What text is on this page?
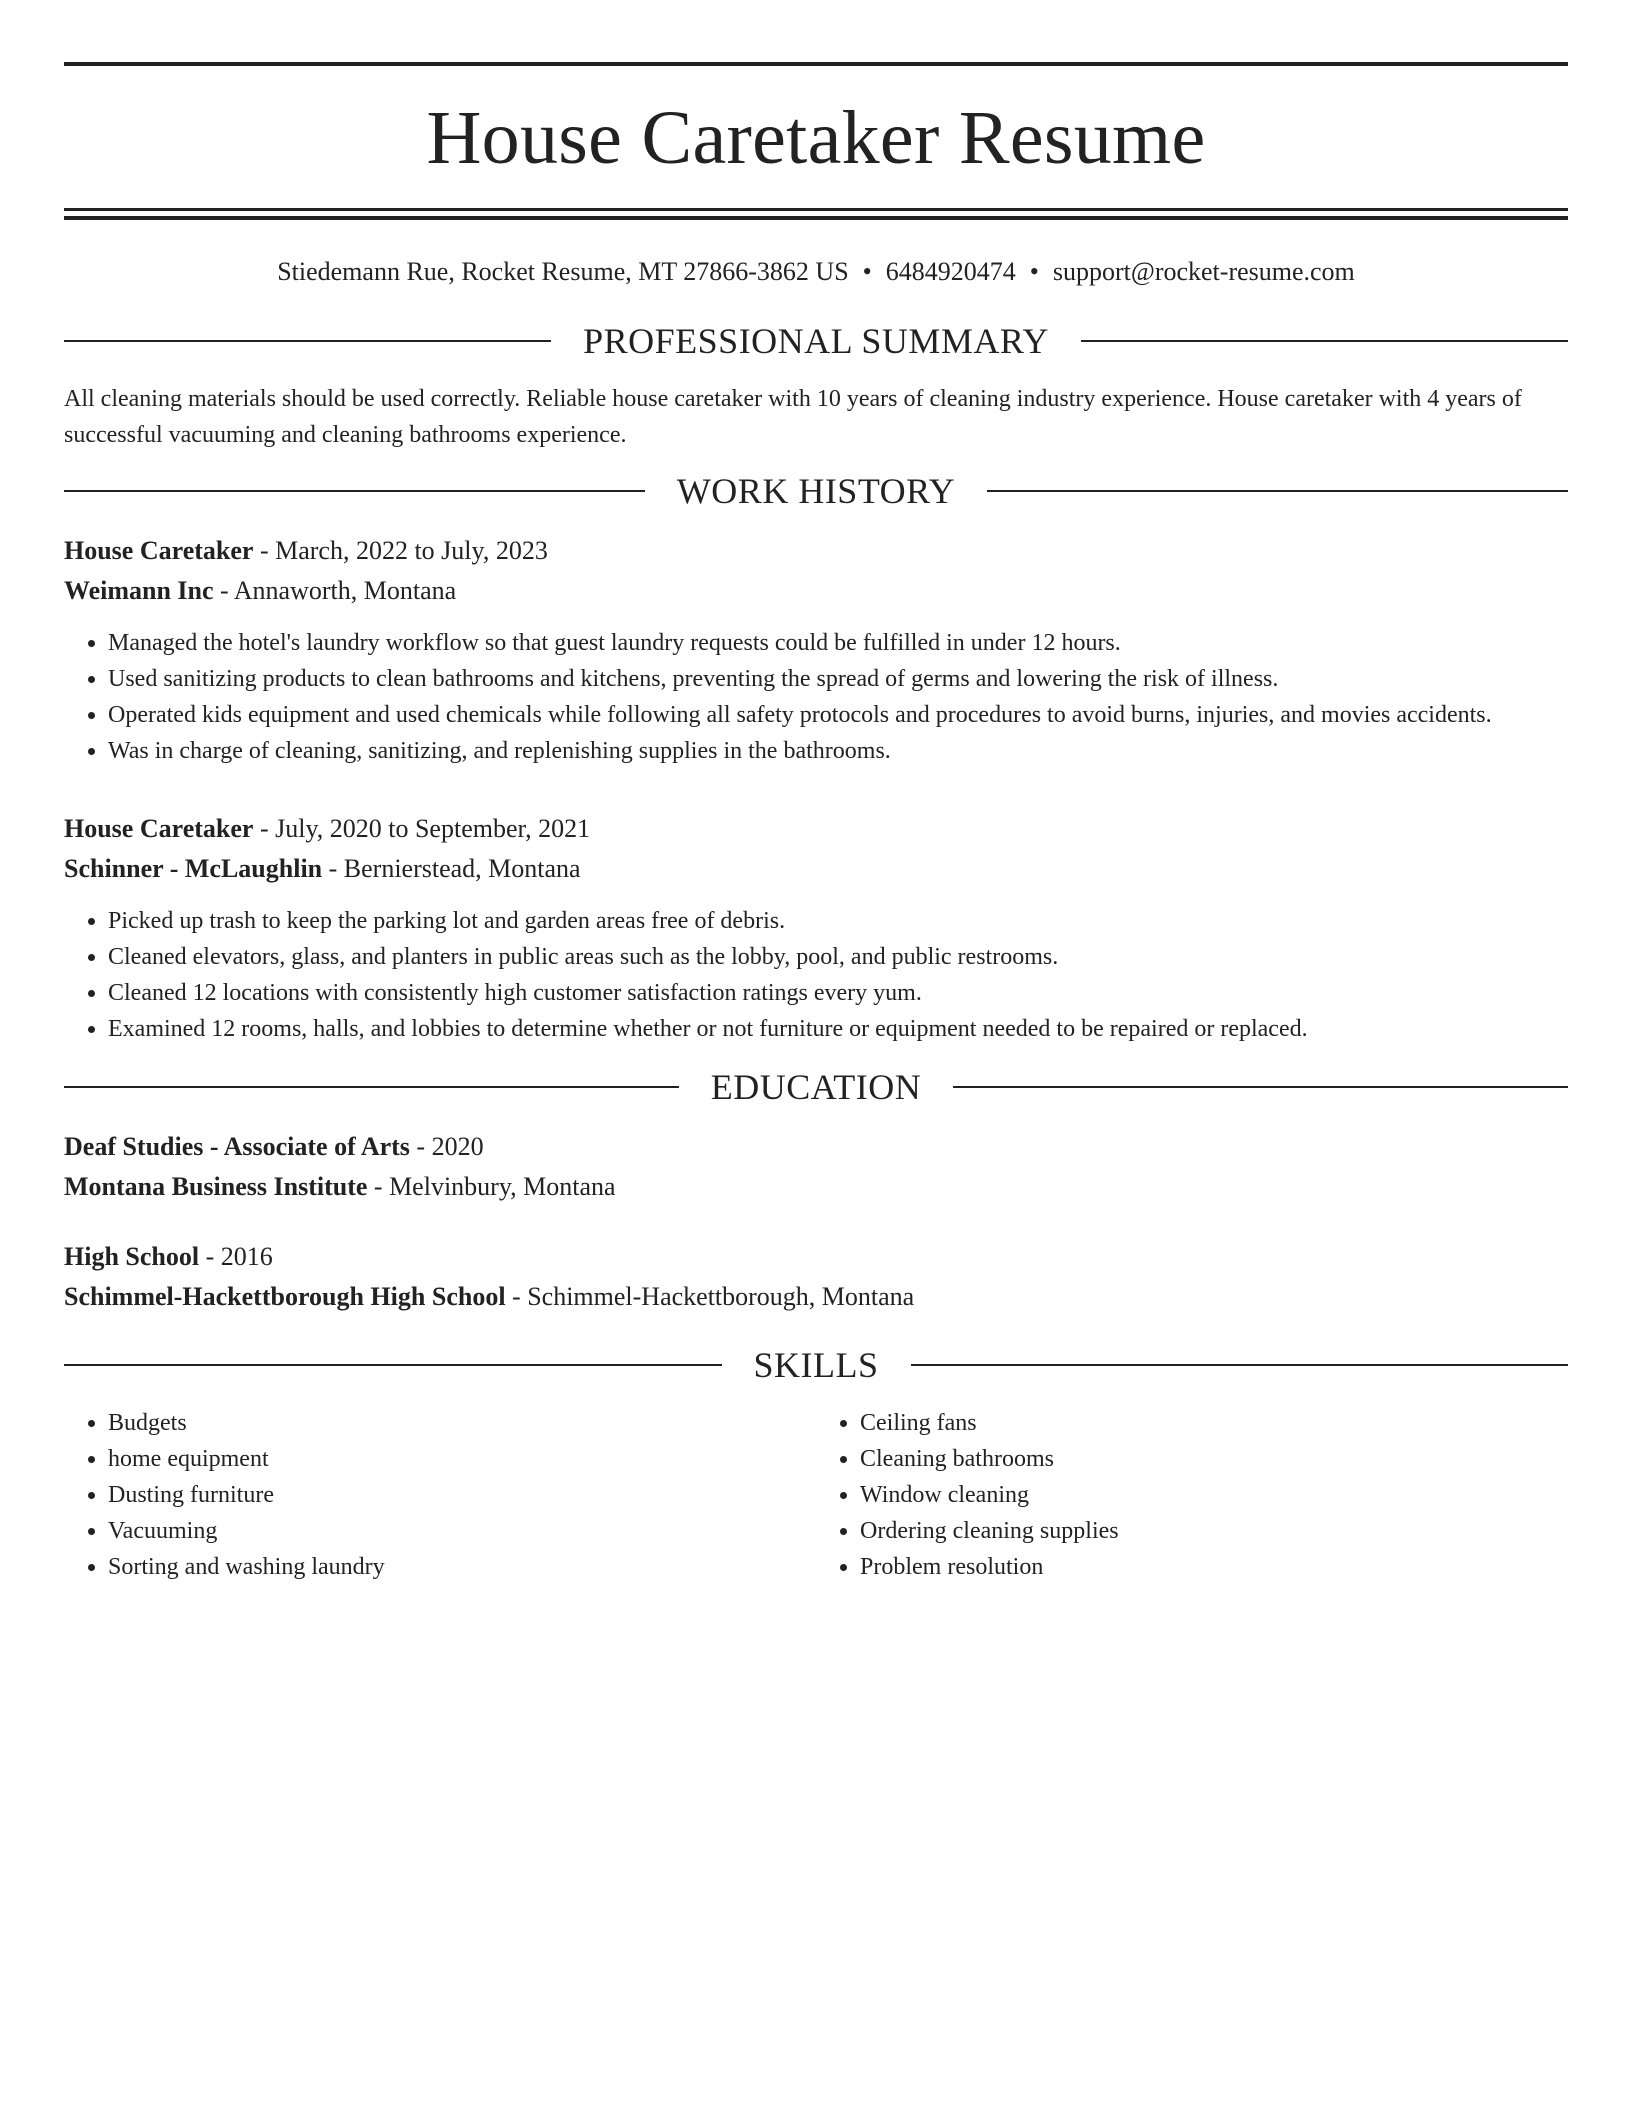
House Caretaker Resume
Stiedemann Rue, Rocket Resume, MT 27866-3862 US • 6484920474 • support@rocket-resume.com
PROFESSIONAL SUMMARY
All cleaning materials should be used correctly. Reliable house caretaker with 10 years of cleaning industry experience. House caretaker with 4 years of successful vacuuming and cleaning bathrooms experience.
WORK HISTORY
House Caretaker - March, 2022 to July, 2023
Weimann Inc - Annaworth, Montana
• Managed the hotel's laundry workflow so that guest laundry requests could be fulfilled in under 12 hours.
• Used sanitizing products to clean bathrooms and kitchens, preventing the spread of germs and lowering the risk of illness.
• Operated kids equipment and used chemicals while following all safety protocols and procedures to avoid burns, injuries, and movies accidents.
• Was in charge of cleaning, sanitizing, and replenishing supplies in the bathrooms.
House Caretaker - July, 2020 to September, 2021
Schinner - McLaughlin - Bernierstead, Montana
• Picked up trash to keep the parking lot and garden areas free of debris.
• Cleaned elevators, glass, and planters in public areas such as the lobby, pool, and public restrooms.
• Cleaned 12 locations with consistently high customer satisfaction ratings every yum.
• Examined 12 rooms, halls, and lobbies to determine whether or not furniture or equipment needed to be repaired or replaced.
EDUCATION
Deaf Studies - Associate of Arts - 2020
Montana Business Institute - Melvinbury, Montana
High School - 2016
Schimmel-Hackettborough High School - Schimmel-Hackettborough, Montana
SKILLS
• Budgets
• home equipment
• Dusting furniture
• Vacuuming
• Sorting and washing laundry
• Ceiling fans
• Cleaning bathrooms
• Window cleaning
• Ordering cleaning supplies
• Problem resolution
